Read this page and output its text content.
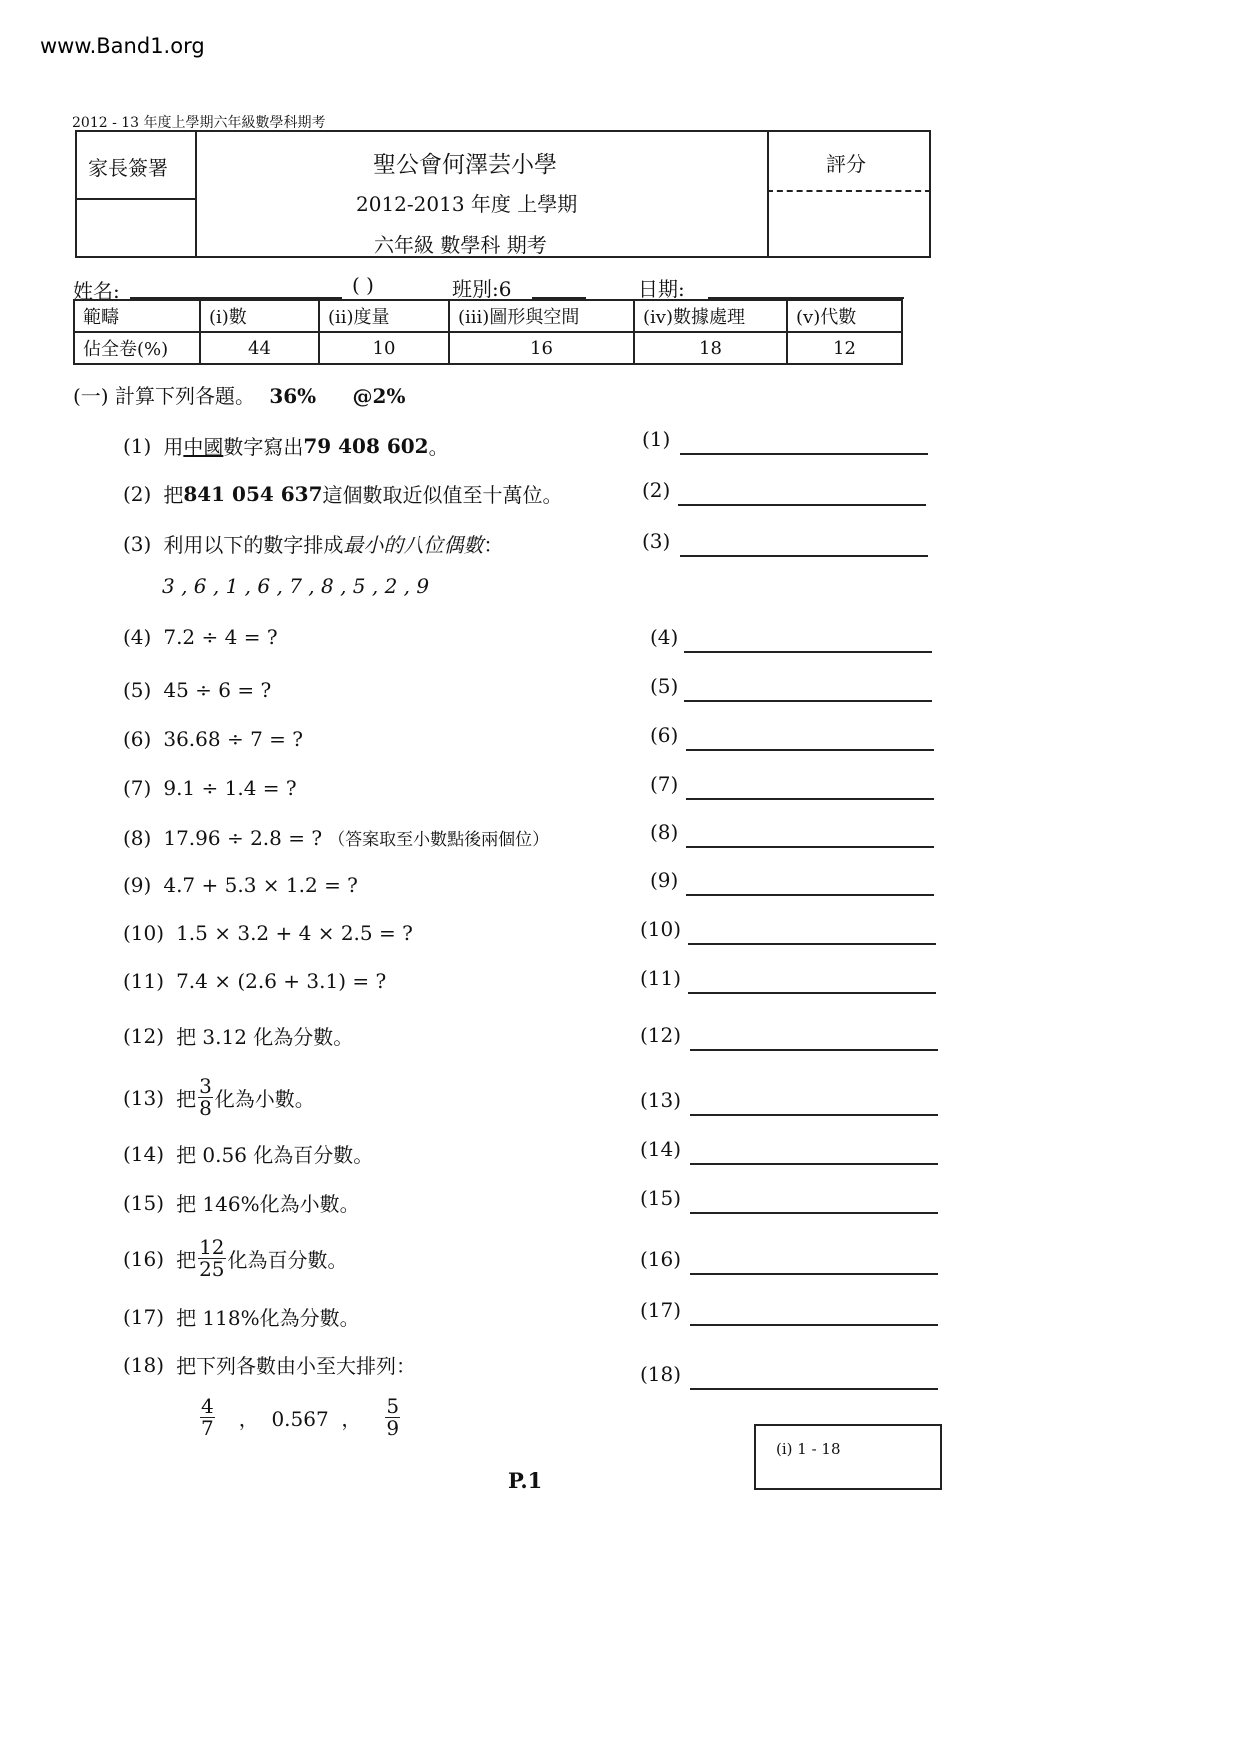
www.Band1.org
2012 - 13 年度上學期六年級數學科期考
家長簽署	聖公會何澤芸小學
2012-2013 年度 上學期
六年級 數學科 期考
評分
姓名:	( )	班別:6	日期:
範疇	(i)數	(ii)度量	(iii)圖形與空間	(iv)數據處理	(v)代數
佔全卷(%)	44	10	16	18	12
(一) 計算下列各題。 36% @2%
(1) 用 中國 數字寫出 79 408 602 。	(1)
(2) 把 841 054 637 這個數取近似值至十萬位。	(2)
(3) 利用以下的數字排成 最小的八位偶數 ：
3 , 6 , 1 , 6 , 7 , 8 , 5 , 2 , 9
(3)
(4) 7.2 ÷ 4 = ?	(4)
(5) 45 ÷ 6 = ?	(5)
(6) 36.68 ÷ 7 = ?	(6)
(7) 9.1 ÷ 1.4 = ?	(7)
(8) 17.96 ÷ 2.8 = ? （答案取至小數點後兩個位）	(8)
(9) 4.7 + 5.3 × 1.2 = ?	(9)
(10) 1.5 × 3.2 + 4 × 2.5 = ?	(10)
(11) 7.4 × (2.6 + 3.1) = ?	(11)
(12) 把 3.12 化為分數。	(12)
(13) 把 $\frac{3}{8}$ 化為小數。	(13)
(14) 把 0.56 化為百分數。	(14)
(15) 把 146%化為小數。	(15)
(16) 把 $\frac{12}{25}$ 化為百分數。	(16)
(17) 把 118%化為分數。	(17)
(18) 把下列各數由小至大排列：
$\frac{4}{7}$ ，  0.567  ， $\frac{5}{9}$
(18)
(i) 1 - 18
P.1
